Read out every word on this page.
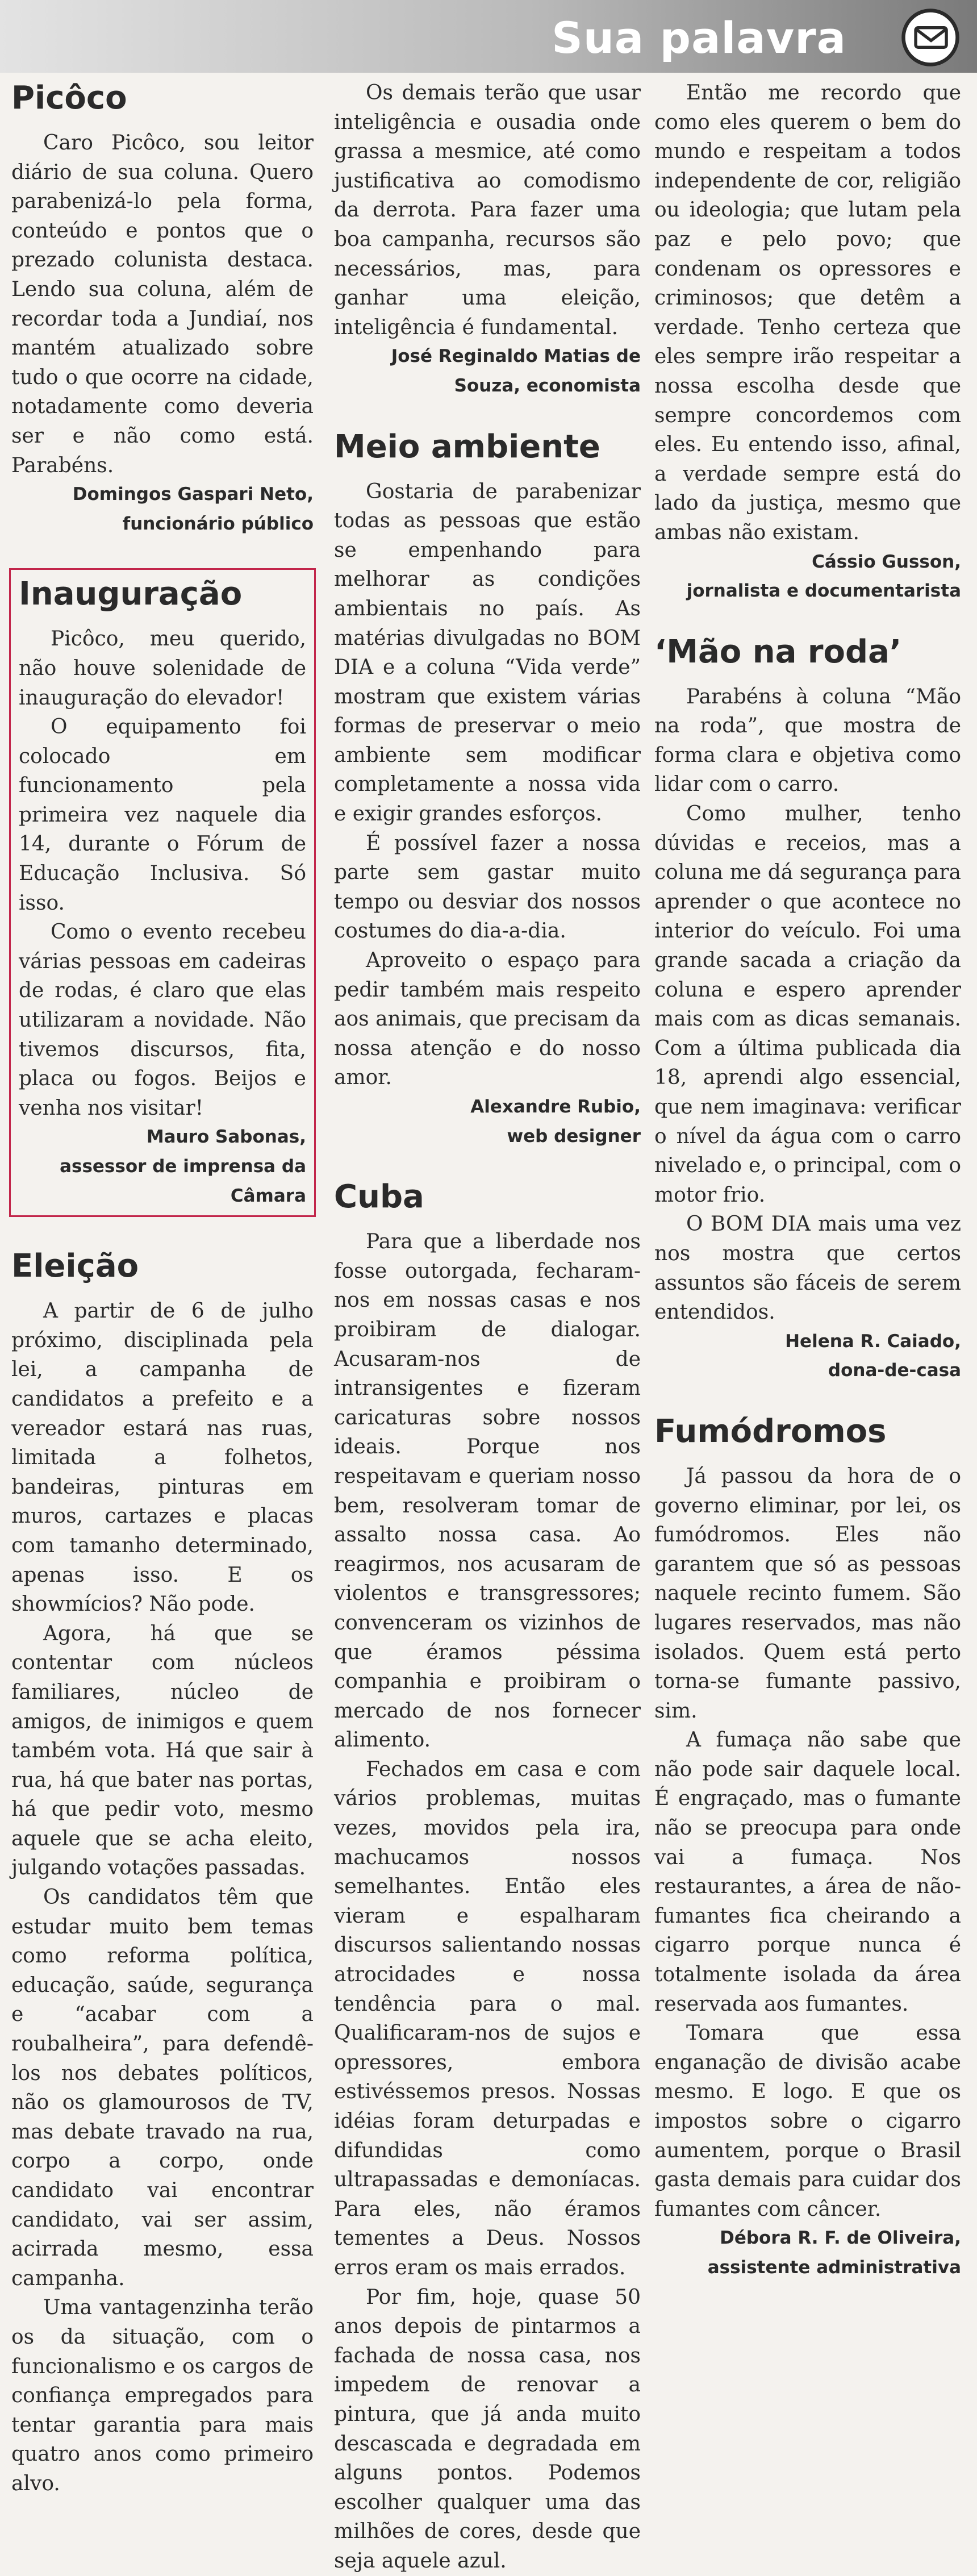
Sua palavra
Picôco

Caro Picôco, sou leitor diário de sua coluna. Quero parabenizá-lo pela forma, conteúdo e pontos que o prezado colunista destaca. Lendo sua coluna, além de recordar toda a Jundiaí, nos mantém atualizado sobre tudo o que ocorre na cidade, notadamente como deveria ser e não como está. Parabéns.

Domingos Gaspari Neto,

funcionário público

Inauguração

Picôco, meu querido, não houve solenidade de inauguração do elevador!

O equipamento foi colocado em funcionamento pela primeira vez naquele dia 14, durante o Fórum de Educação Inclusiva. Só isso.

Como o evento recebeu várias pessoas em cadeiras de rodas, é claro que elas utilizaram a novidade. Não tivemos discursos, fita, placa ou fogos. Beijos e venha nos visitar!

Mauro Sabonas,

assessor de imprensa da Câmara

Eleição

A partir de 6 de julho próximo, disciplinada pela lei, a campanha de candidatos a prefeito e a vereador estará nas ruas, limitada a folhetos, bandeiras, pinturas em muros, cartazes e placas com tamanho determinado, apenas isso. E os showmícios? Não pode.

Agora, há que se contentar com núcleos familiares, núcleo de amigos, de inimigos e quem também vota. Há que sair à rua, há que bater nas portas, há que pedir voto, mesmo aquele que se acha eleito, julgando votações passadas.

Os candidatos têm que estudar muito bem temas como reforma política, educação, saúde, segurança e “acabar com a roubalheira”, para defendê-los nos debates políticos, não os glamourosos de TV, mas debate travado na rua, corpo a corpo, onde candidato vai encontrar candidato, vai ser assim, acirrada mesmo, essa campanha.

Uma vantagenzinha terão os da situação, com o funcionalismo e os cargos de confiança empregados para tentar garantia para mais quatro anos como primeiro alvo.

Os demais terão que usar inteligência e ousadia onde grassa a mesmice, até como justificativa ao comodismo da derrota. Para fazer uma boa campanha, recursos são necessários, mas, para ganhar uma eleição, inteligência é fundamental.

José Reginaldo Matias de

Souza, economista

Meio ambiente

Gostaria de parabenizar todas as pessoas que estão se empenhando para melhorar as condições ambientais no país. As matérias divulgadas no BOM DIA e a coluna “Vida verde” mostram que existem várias formas de preservar o meio ambiente sem modificar completamente a nossa vida e exigir grandes esforços.

É possível fazer a nossa parte sem gastar muito tempo ou desviar dos nossos costumes do dia-a-dia.

Aproveito o espaço para pedir também mais respeito aos animais, que precisam da nossa atenção e do nosso amor.

Alexandre Rubio,

web designer

Cuba

Para que a liberdade nos fosse outorgada, fecharam-nos em nossas casas e nos proibiram de dialogar. Acusaram-nos de intransigentes e fizeram caricaturas sobre nossos ideais. Porque nos respeitavam e queriam nosso bem, resolveram tomar de assalto nossa casa. Ao reagirmos, nos acusaram de violentos e transgressores; convenceram os vizinhos de que éramos péssima companhia e proibiram o mercado de nos fornecer alimento.

Fechados em casa e com vários problemas, muitas vezes, movidos pela ira, machucamos nossos semelhantes. Então eles vieram e espalharam discursos salientando nossas atrocidades e nossa tendência para o mal. Qualificaram-nos de sujos e opressores, embora estivéssemos presos. Nossas idéias foram deturpadas e difundidas como ultrapassadas e demoníacas. Para eles, não éramos tementes a Deus. Nossos erros eram os mais errados.

Por fim, hoje, quase 50 anos depois de pintarmos a fachada de nossa casa, nos impedem de renovar a pintura, que já anda muito descascada e degradada em alguns pontos. Podemos escolher qualquer uma das milhões de cores, desde que seja aquele azul.

Então me recordo que como eles querem o bem do mundo e respeitam a todos independente de cor, religião ou ideologia; que lutam pela paz e pelo povo; que condenam os opressores e criminosos; que detêm a verdade. Tenho certeza que eles sempre irão respeitar a nossa escolha desde que sempre concordemos com eles. Eu entendo isso, afinal, a verdade sempre está do lado da justiça, mesmo que ambas não existam.

Cássio Gusson,

jornalista e documentarista

‘Mão na roda’

Parabéns à coluna “Mão na roda”, que mostra de forma clara e objetiva como lidar com o carro.

Como mulher, tenho dúvidas e receios, mas a coluna me dá segurança para aprender o que acontece no interior do veículo. Foi uma grande sacada a criação da coluna e espero aprender mais com as dicas semanais. Com a última publicada dia 18, aprendi algo essencial, que nem imaginava: verificar o nível da água com o carro nivelado e, o principal, com o motor frio.

O BOM DIA mais uma vez nos mostra que certos assuntos são fáceis de serem entendidos.

Helena R. Caiado,

dona-de-casa

Fumódromos

Já passou da hora de o governo eliminar, por lei, os fumódromos. Eles não garantem que só as pessoas naquele recinto fumem. São lugares reservados, mas não isolados. Quem está perto torna-se fumante passivo, sim.

A fumaça não sabe que não pode sair daquele local. É engraçado, mas o fumante não se preocupa para onde vai a fumaça. Nos restaurantes, a área de não-fumantes fica cheirando a cigarro porque nunca é totalmente isolada da área reservada aos fumantes.

Tomara que essa enganação de divisão acabe mesmo. E logo. E que os impostos sobre o cigarro aumentem, porque o Brasil gasta demais para cuidar dos fumantes com câncer.

Débora R. F. de Oliveira,

assistente administrativa
